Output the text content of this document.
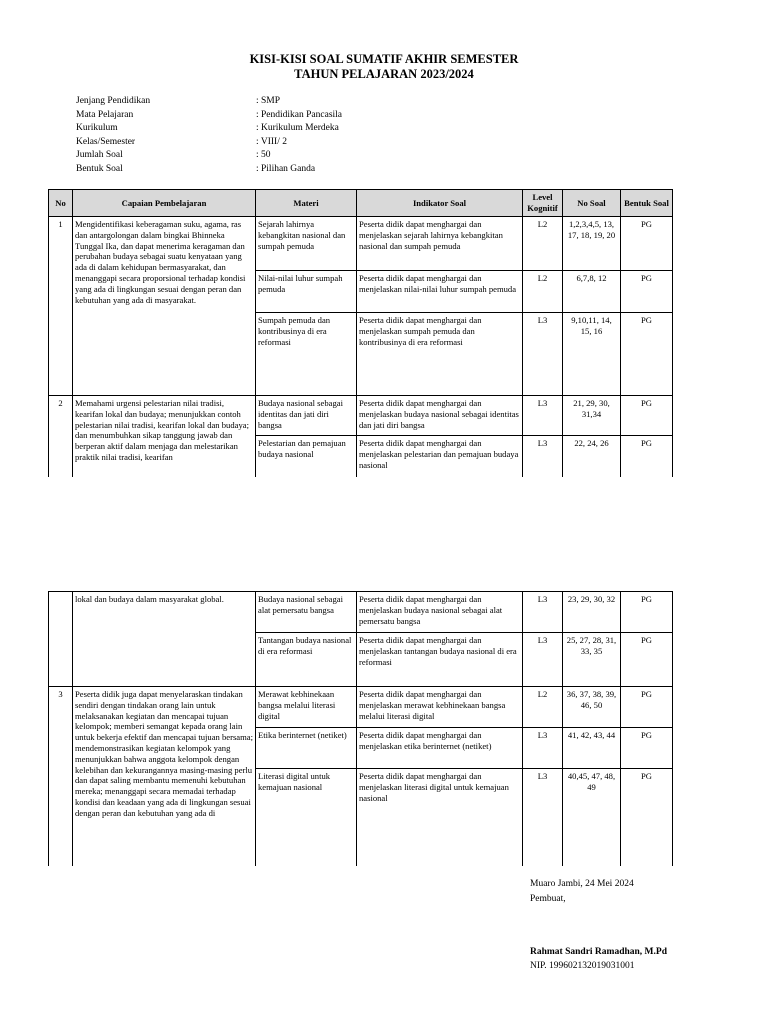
KISI-KISI SOAL SUMATIF AKHIR SEMESTER
TAHUN PELAJARAN 2023/2024
Jenjang Pendidikan	: SMP
Mata Pelajaran	: Pendidikan Pancasila
Kurikulum	: Kurikulum Merdeka
Kelas/Semester	: VIII/ 2
Jumlah Soal	: 50
Bentuk Soal	: Pilihan Ganda
No	Capaian Pembelajaran	Materi	Indikator Soal	Level Kognitif	No Soal	Bentuk Soal
1	Mengidentifikasi keberagaman suku, agama, ras dan antargolongan dalam bingkai Bhinneka Tunggal Ika, dan dapat menerima keragaman dan perubahan budaya sebagai suatu kenyataan yang ada di dalam kehidupan bermasyarakat, dan menanggapi secara proporsional terhadap kondisi yang ada di lingkungan sesuai dengan peran dan kebutuhan yang ada di masyarakat.	Sejarah lahirnya kebangkitan nasional dan sumpah pemuda	Peserta didik dapat menghargai dan menjelaskan sejarah lahirnya kebangkitan nasional dan sumpah pemuda	L2	1,2,3,4,5, 13, 17, 18, 19, 20	PG
		Nilai-nilai luhur sumpah pemuda	Peserta didik dapat menghargai dan menjelaskan nilai-nilai luhur sumpah pemuda	L2	6,7,8, 12	PG
		Sumpah pemuda dan kontribusinya di era reformasi	Peserta didik dapat menghargai dan menjelaskan sumpah pemuda dan kontribusinya di era reformasi	L3	9,10,11, 14, 15, 16	PG
2	Memahami urgensi pelestarian nilai tradisi, kearifan lokal dan budaya; menunjukkan contoh pelestarian nilai tradisi, kearifan lokal dan budaya; dan menumbuhkan sikap tanggung jawab dan berperan aktif dalam menjaga dan melestarikan praktik nilai tradisi, kearifan	Budaya nasional sebagai identitas dan jati diri bangsa	Peserta didik dapat menghargai dan menjelaskan budaya nasional sebagai identitas dan jati diri bangsa	L3	21, 29, 30, 31,34	PG
		Pelestarian dan pemajuan budaya nasional	Peserta didik dapat menghargai dan menjelaskan pelestarian dan pemajuan budaya nasional	L3	22, 24, 26	PG
	lokal dan budaya dalam masyarakat global.	Budaya nasional sebagai alat pemersatu bangsa	Peserta didik dapat menghargai dan menjelaskan budaya nasional sebagai alat pemersatu bangsa	L3	23, 29, 30, 32	PG
		Tantangan budaya nasional di era reformasi	Peserta didik dapat menghargai dan menjelaskan tantangan budaya nasional di era reformasi	L3	25, 27, 28, 31, 33, 35	PG
3	Peserta didik juga dapat menyelaraskan tindakan sendiri dengan tindakan orang lain untuk melaksanakan kegiatan dan mencapai tujuan kelompok; memberi semangat kepada orang lain untuk bekerja efektif dan mencapai tujuan bersama; mendemonstrasikan kegiatan kelompok yang menunjukkan bahwa anggota kelompok dengan kelebihan dan kekurangannya masing-masing perlu dan dapat saling membantu memenuhi kebutuhan mereka; menanggapi secara memadai terhadap kondisi dan keadaan yang ada di lingkungan sesuai dengan peran dan kebutuhan yang ada di	Merawat kebhinekaan bangsa melalui literasi digital	Peserta didik dapat menghargai dan menjelaskan merawat kebhinekaan bangsa melalui literasi digital	L2	36, 37, 38, 39, 46, 50	PG
		Etika berinternet (netiket)	Peserta didik dapat menghargai dan menjelaskan etika berinternet (netiket)	L3	41, 42, 43, 44	PG
		Literasi digital untuk kemajuan nasional	Peserta didik dapat menghargai dan menjelaskan literasi digital untuk kemajuan nasional	L3	40,45, 47, 48, 49	PG
Muaro Jambi, 24 Mei 2024
Pembuat,
Rahmat Sandri Ramadhan, M.Pd
NIP. 199602132019031001
